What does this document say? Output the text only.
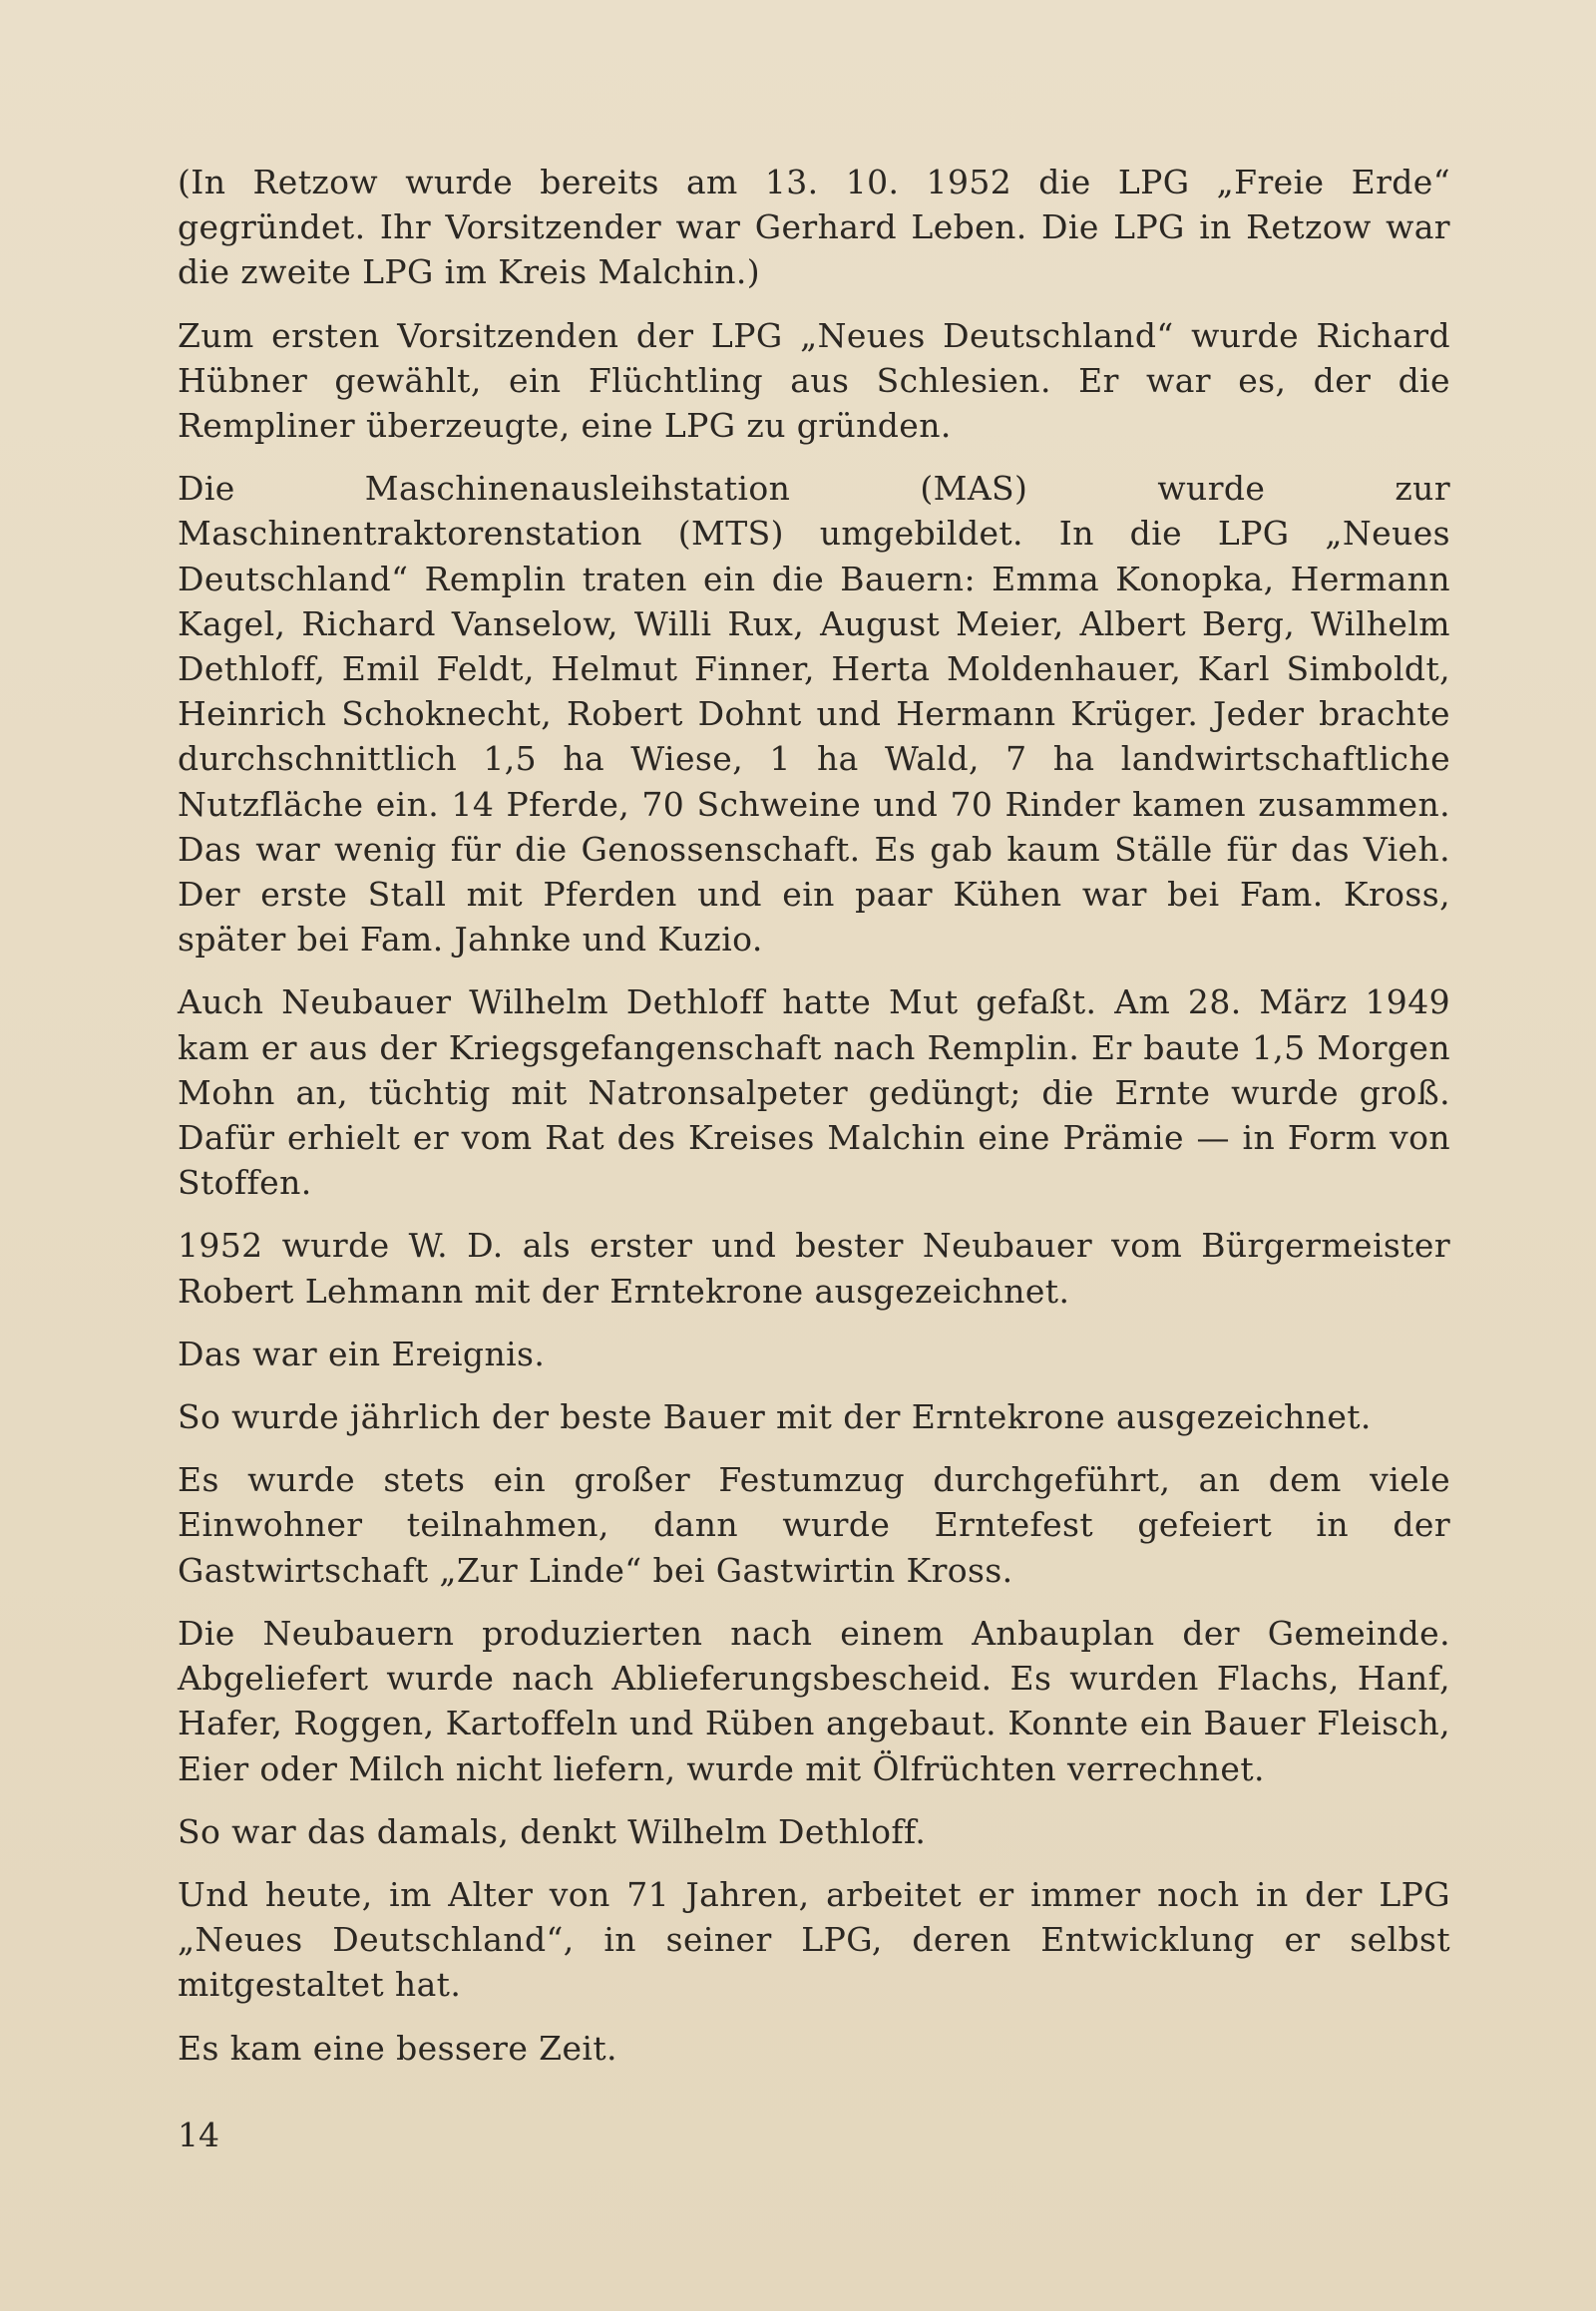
(In Retzow wurde bereits am 13. 10. 1952 die LPG „Freie Erde“ gegründet. Ihr Vorsitzender war Gerhard Leben. Die LPG in Retzow war die zweite LPG im Kreis Malchin.)

Zum ersten Vorsitzenden der LPG „Neues Deutschland“ wurde Richard Hübner gewählt, ein Flüchtling aus Schlesien. Er war es, der die Rempliner überzeugte, eine LPG zu gründen.

Die Maschinenausleihstation (MAS) wurde zur Maschinentraktorenstation (MTS) umgebildet. In die LPG „Neues Deutschland“ Remplin traten ein die Bauern: Emma Konopka, Hermann Kagel, Richard Vanselow, Willi Rux, August Meier, Albert Berg, Wilhelm Dethloff, Emil Feldt, Helmut Finner, Herta Moldenhauer, Karl Simboldt, Heinrich Schoknecht, Robert Dohnt und Hermann Krüger. Jeder brachte durchschnittlich 1,5 ha Wiese, 1 ha Wald, 7 ha landwirtschaftliche Nutzfläche ein. 14 Pferde, 70 Schweine und 70 Rinder kamen zusammen. Das war wenig für die Genossenschaft. Es gab kaum Ställe für das Vieh. Der erste Stall mit Pferden und ein paar Kühen war bei Fam. Kross, später bei Fam. Jahnke und Kuzio.

Auch Neubauer Wilhelm Dethloff hatte Mut gefaßt. Am 28. März 1949 kam er aus der Kriegsgefangenschaft nach Remplin. Er baute 1,5 Morgen Mohn an, tüchtig mit Natronsalpeter gedüngt; die Ernte wurde groß. Dafür erhielt er vom Rat des Kreises Malchin eine Prämie — in Form von Stoffen.

1952 wurde W. D. als erster und bester Neubauer vom Bürgermeister Robert Lehmann mit der Erntekrone ausgezeichnet.

Das war ein Ereignis.

So wurde jährlich der beste Bauer mit der Erntekrone ausgezeichnet.

Es wurde stets ein großer Festumzug durchgeführt, an dem viele Einwohner teilnahmen, dann wurde Erntefest gefeiert in der Gastwirtschaft „Zur Linde“ bei Gastwirtin Kross.

Die Neubauern produzierten nach einem Anbauplan der Gemeinde. Abgeliefert wurde nach Ablieferungsbescheid. Es wurden Flachs, Hanf, Hafer, Roggen, Kartoffeln und Rüben angebaut. Konnte ein Bauer Fleisch, Eier oder Milch nicht liefern, wurde mit Ölfrüchten verrechnet.

So war das damals, denkt Wilhelm Dethloff.

Und heute, im Alter von 71 Jahren, arbeitet er immer noch in der LPG „Neues Deutschland“, in seiner LPG, deren Entwicklung er selbst mitgestaltet hat.

Es kam eine bessere Zeit.

14
